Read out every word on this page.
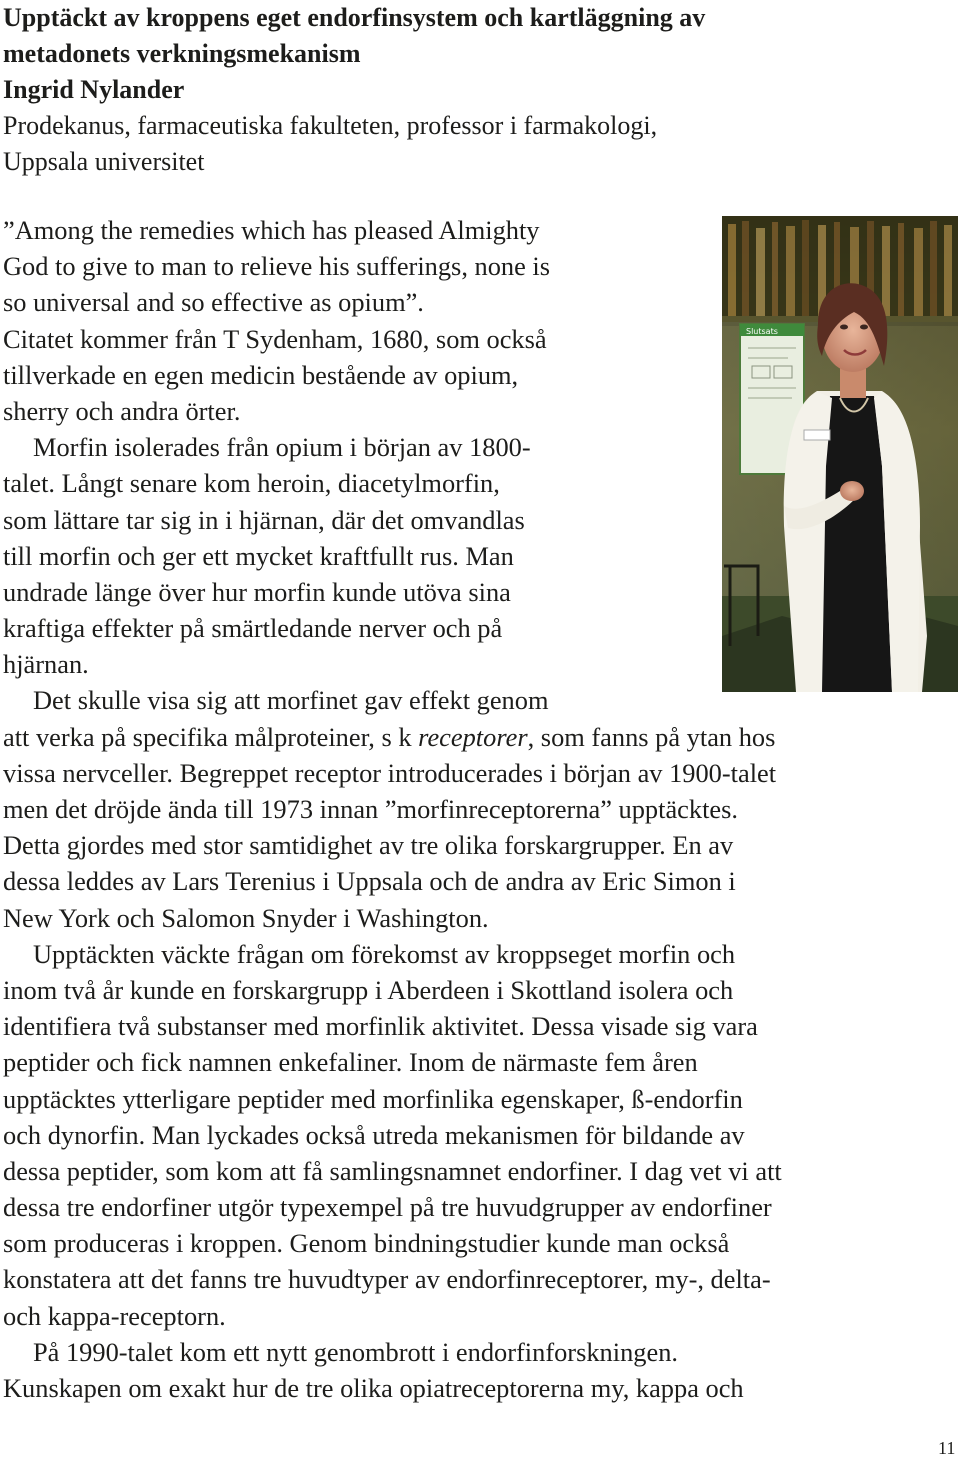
Upptäckt av kroppens eget endorfinsystem och kartläggning av
metadonets verkningsmekanism
Ingrid Nylander
Prodekanus, farmaceutiska fakulteten, professor i farmakologi,
Uppsala universitet
Slutsats
”Among the remedies which has pleased Almighty
God to give to man to relieve his sufferings, none is
so universal and so effective as opium”.
Citatet kommer från T Sydenham, 1680, som också
tillverkade en egen medicin bestående av opium,
sherry och andra örter.
Morfin isolerades från opium i början av 1800-
talet. Långt senare kom heroin, diacetylmorfin,
som lättare tar sig in i hjärnan, där det omvandlas
till morfin och ger ett mycket kraftfullt rus. Man
undrade länge över hur morfin kunde utöva sina
kraftiga effekter på smärtledande nerver och på
hjärnan.
Det skulle visa sig att morfinet gav effekt genom
att verka på specifika målproteiner, s k receptorer, som fanns på ytan hos
vissa nervceller. Begreppet receptor introducerades i början av 1900-talet
men det dröjde ända till 1973 innan ”morfinreceptorerna” upptäcktes.
Detta gjordes med stor samtidighet av tre olika forskargrupper. En av
dessa leddes av Lars Terenius i Uppsala och de andra av Eric Simon i
New York och Salomon Snyder i Washington.
Upptäckten väckte frågan om förekomst av kroppseget morfin och
inom två år kunde en forskargrupp i Aberdeen i Skottland isolera och
identifiera två substanser med morfinlik aktivitet. Dessa visade sig vara
peptider och fick namnen enkefaliner. Inom de närmaste fem åren
upptäcktes ytterligare peptider med morfinlika egenskaper, ß-endorfin
och dynorfin. Man lyckades också utreda mekanismen för bildande av
dessa peptider, som kom att få samlingsnamnet endorfiner. I dag vet vi att
dessa tre endorfiner utgör typexempel på tre huvudgrupper av endorfiner
som produceras i kroppen. Genom bindningstudier kunde man också
konstatera att det fanns tre huvudtyper av endorfinreceptorer, my-, delta-
och kappa-receptorn.
På 1990-talet kom ett nytt genombrott i endorfinforskningen.
Kunskapen om exakt hur de tre olika opiatreceptorerna my, kappa och
11
